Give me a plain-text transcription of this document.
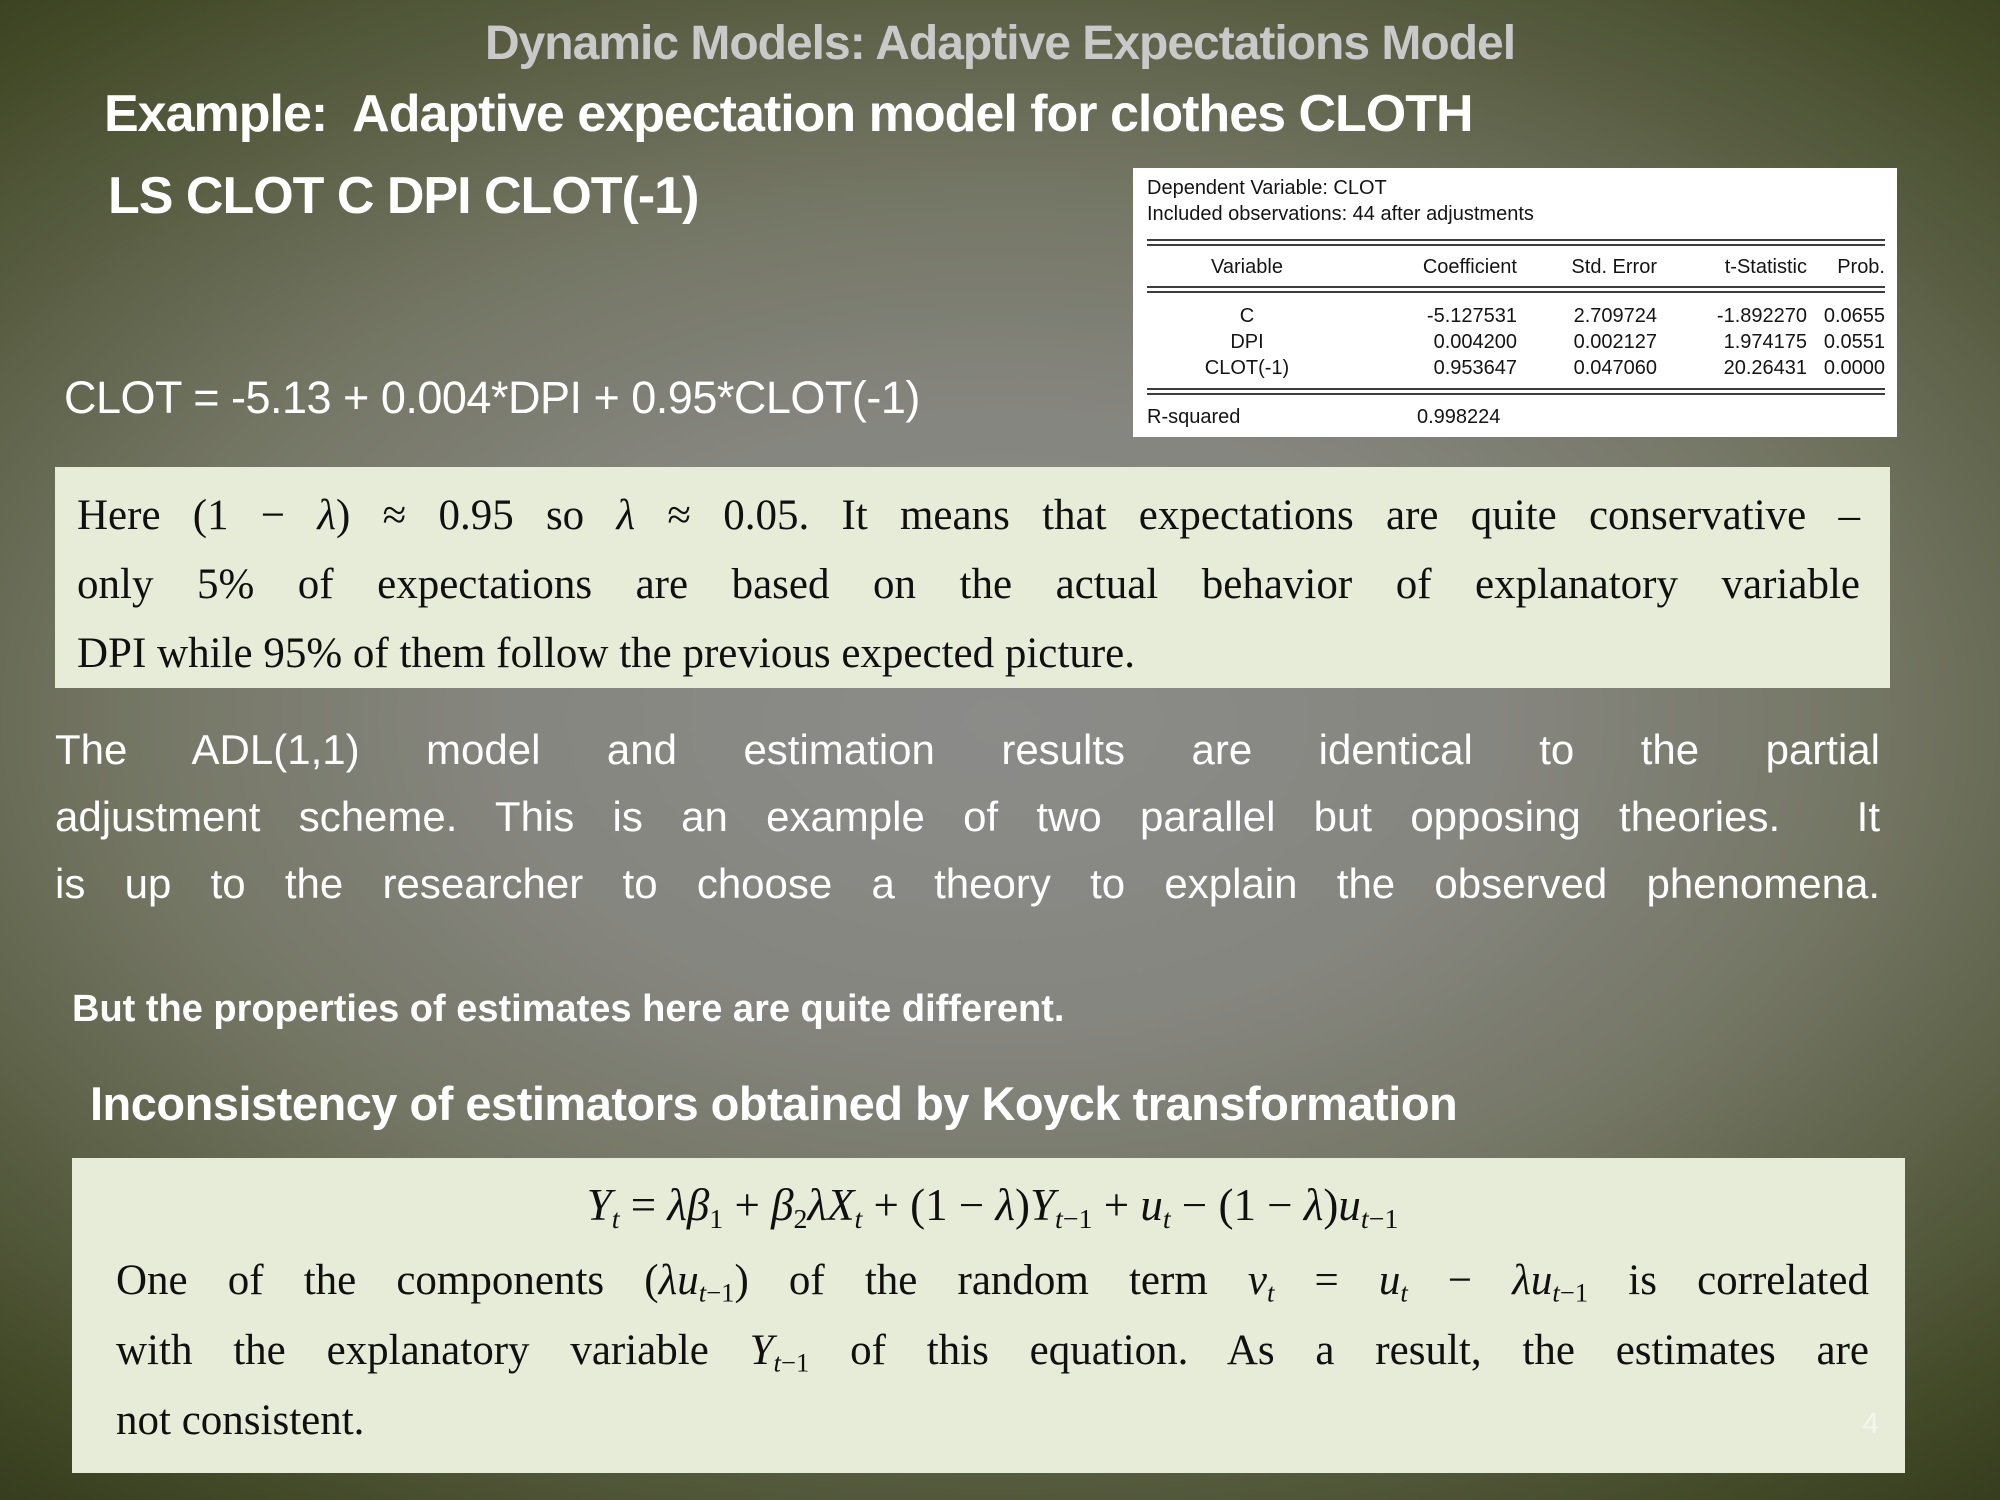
Dynamic Models: Adaptive Expectations Model
Example:  Adaptive expectation model for clothes CLOTH
LS CLOT C DPI CLOT(-1)	Dependent Variable: CLOT
Included observations: 44 after adjustments
Variable	Coefficient	Std. Error	t-Statistic	Prob.
C	-5.127531	2.709724	-1.892270 0.0655
DPI	0.004200	0.002127	1.974175 0.0551
CLOT(-1)	0.953647	0.047060	20.26431 0.0000
R-squared	0.998224
CLOT = -5.13 + 0.004*DPI + 0.95*CLOT(-1)
Here (1 − λ) ≈ 0.95 so λ ≈ 0.05. It means that expectations are quite conservative –
only 5% of expectations are based on the actual behavior of explanatory variable
DPI while 95% of them follow the previous expected picture.
The ADL(1,1) model and estimation results are identical to the partial
adjustment scheme. This is an example of two parallel but opposing theories.  It
is up to the researcher to choose a theory to explain the observed phenomena.
But the properties of estimates here are quite different.
Inconsistency of estimators obtained by Koyck transformation
$Y_t = \lambda\beta_1 + \beta_2\lambda X_t + (1 - \lambda)Y_{t-1} + u_t - (1 - \lambda)u_{t-1}$
One of the components $(\lambda u_{t-1})$ of the random term $v_t = u_t - \lambda u_{t-1}$ is correlated
with the explanatory variable $Y_{t-1}$ of this equation. As a result, the estimates are
not consistent.	4
